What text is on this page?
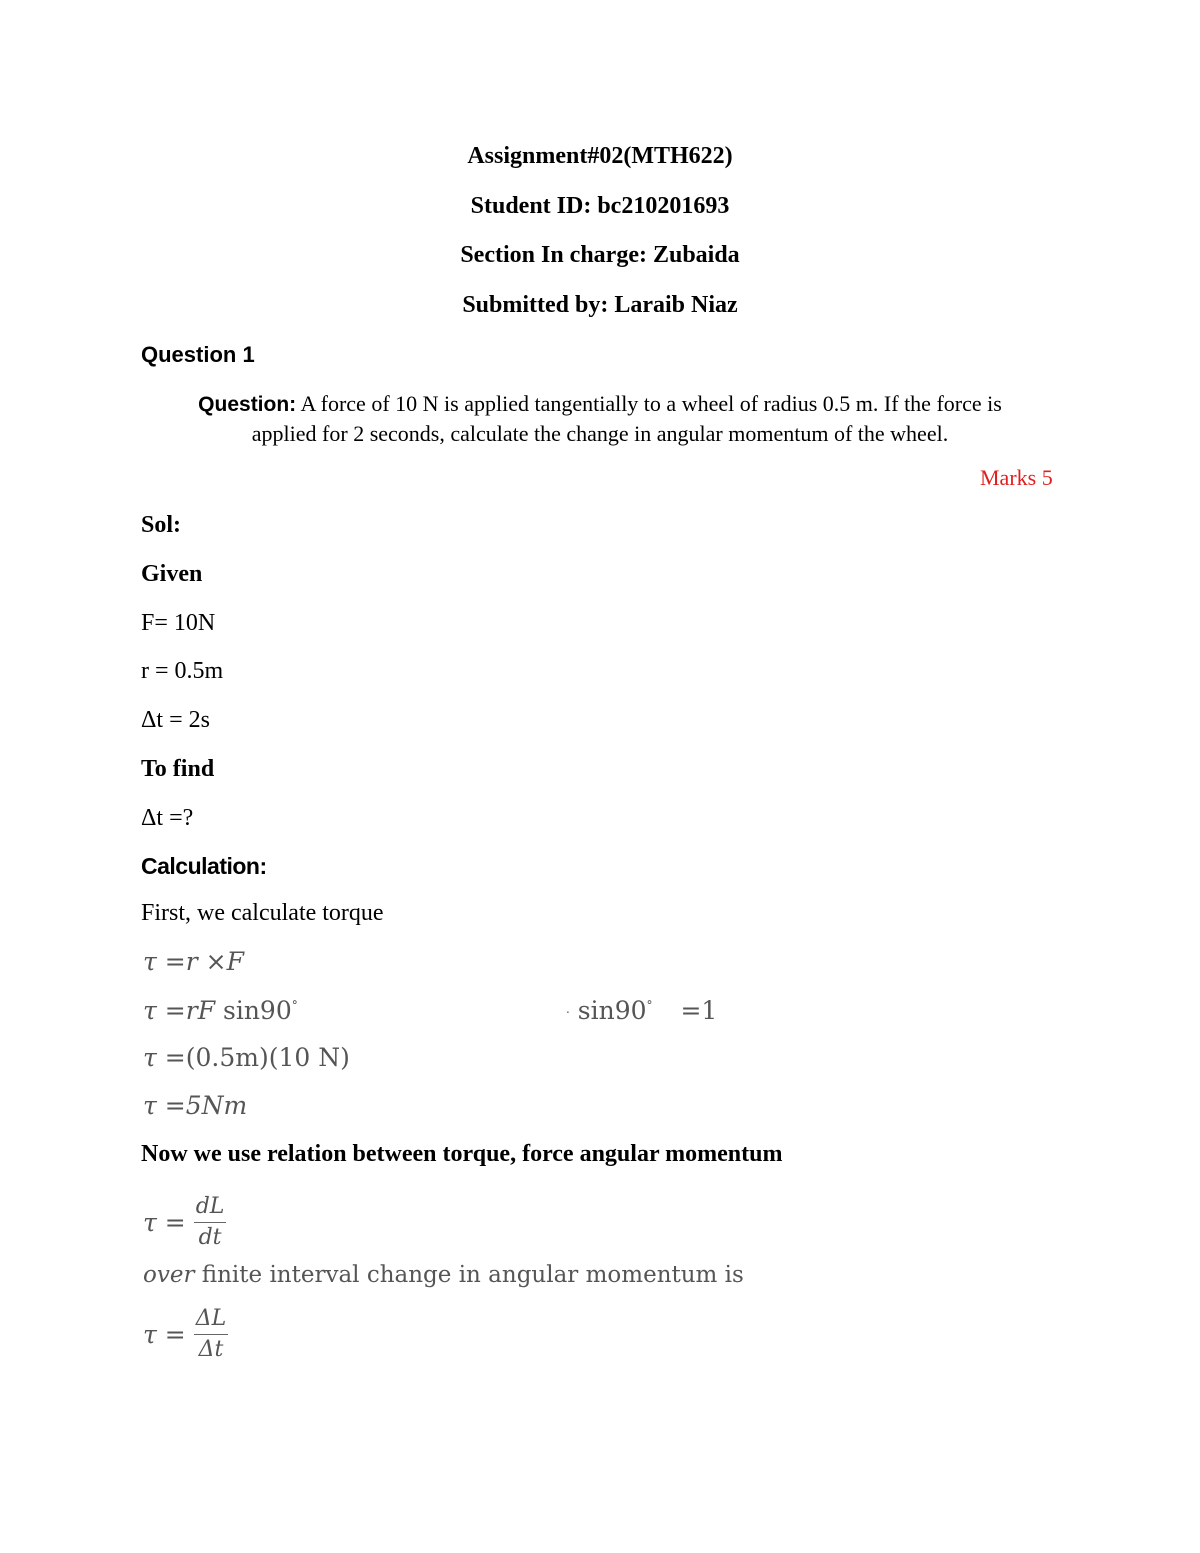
Assignment#02(MTH622)
Student ID: bc210201693
Section In charge: Zubaida
Submitted by: Laraib Niaz
Question 1
Question: A force of 10 N is applied tangentially to a wheel of radius 0.5 m. If the force is
applied for 2 seconds, calculate the change in angular momentum of the wheel.
Marks 5
Sol:
Given
F= 10N
r = 0.5m
Δt = 2s
To find
Δt =?
Calculation:
First, we calculate torque
τ =r ×F
τ =rF sin90°	· sin90° =1
τ =(0.5m)(10 N)
τ =5Nm
Now we use relation between torque, force angular momentum
$\tau = \frac{dL}{dt}$
over finite interval change in angular momentum is
$\tau = \frac{\Delta L}{\Delta t}$
